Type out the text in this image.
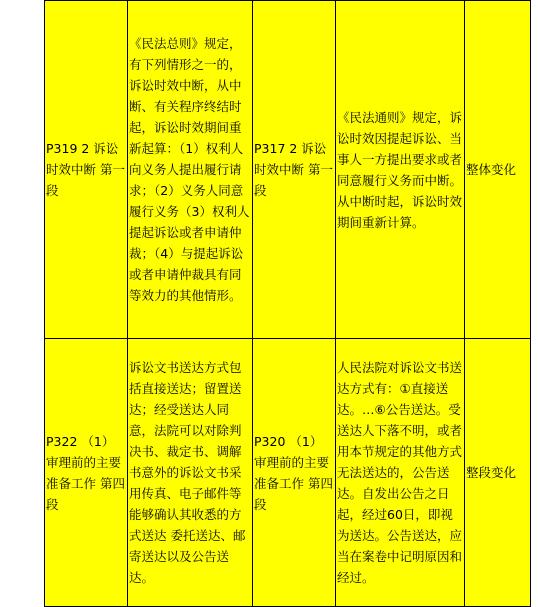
P319 2 诉讼时效中断 第一段	《民法总则》规定，有下列情形之一的，诉讼时效中断，从中断、有关程序终结时起，诉讼时效期间重新起算：（1）权利人向义务人提出履行请求；（2）义务人同意履行义务（3）权利人提起诉讼或者申请仲裁；（4）与提起诉讼或者申请仲裁具有同等效力的其他情形。	P317 2 诉讼时效中断 第一段	《民法通则》规定，诉讼时效因提起诉讼、当事人一方提出要求或者同意履行义务而中断。从中断时起，诉讼时效期间重新计算。	整体变化

P322 （1）审理前的主要准备工作 第四段	诉讼文书送达方式包括直接送达；留置送达；经受送达人同意，法院可以对除判决书、裁定书、调解书意外的诉讼文书采用传真、电子邮件等能够确认其收悉的方式送达 委托送达、邮寄送达以及公告送达。	P320 （1）审理前的主要准备工作 第四段	人民法院对诉讼文书送达方式有：①直接送达。…⑥公告送达。受送达人下落不明，或者用本节规定的其他方式无法送达的，公告送达。自发出公告之日起，经过60日，即视为送达。公告送达，应当在案卷中记明原因和经过。	整段变化
